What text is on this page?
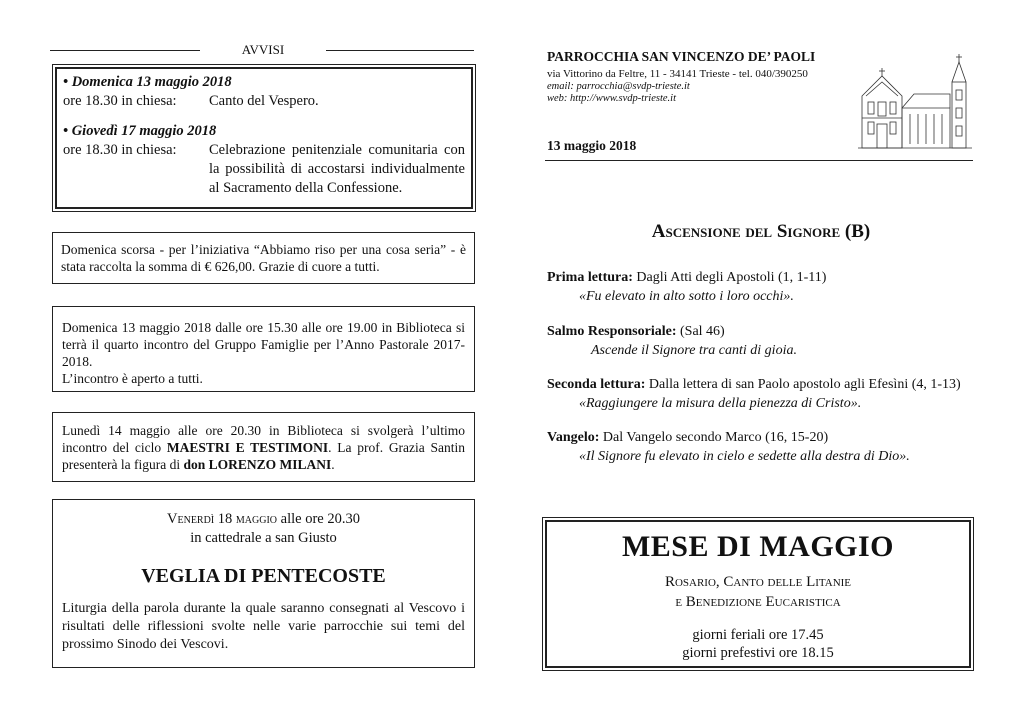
AVVISI

• Domenica 13 maggio 2018

ore 18.30 in chiesa:	Canto del Vespero.

• Giovedì 17 maggio 2018

ore 18.30 in chiesa:	Celebrazione penitenziale comunitaria con la possibilità di accostarsi individualmente al Sacramento della Confessione.

Domenica scorsa - per l’iniziativa “Abbiamo riso per una cosa seria” - è stata raccolta la somma di € 626,00. Grazie di cuore a tutti.

Domenica 13 maggio 2018 dalle ore 15.30 alle ore 19.00 in Biblioteca si terrà il quarto incontro del Gruppo Famiglie per l’Anno Pastorale 2017-2018.

L’incontro è aperto a tutti.

Lunedì 14 maggio alle ore 20.30 in Biblioteca si svolgerà l’ultimo incontro del ciclo MAESTRI E TESTIMONI. La prof. Grazia Santin presenterà la figura di don LORENZO MILANI.

Venerdì 18 maggio alle ore 20.30

in cattedrale a san Giusto

VEGLIA DI PENTECOSTE

Liturgia della parola durante la quale saranno consegnati al Vescovo i risultati delle riflessioni svolte nelle varie parrocchie sui temi del prossimo Sinodo dei Vescovi.

PARROCCHIA SAN VINCENZO DE’ PAOLI

via Vittorino da Feltre, 11 - 34141 Trieste - tel. 040/390250

email: parrocchia@svdp-trieste.it

web: http://www.svdp-trieste.it

13 maggio 2018

Ascensione del Signore (B)

Prima lettura: Dagli Atti degli Apostoli (1, 1-11)

«Fu elevato in alto sotto i loro occhi».

Salmo Responsoriale: (Sal 46)

Ascende il Signore tra canti di gioia.

Seconda lettura: Dalla lettera di san Paolo apostolo agli Efesìni (4, 1-13)

«Raggiungere la misura della pienezza di Cristo».

Vangelo: Dal Vangelo secondo Marco (16, 15-20)

«Il Signore fu elevato in cielo e sedette alla destra di Dio».

MESE DI MAGGIO

Rosario, Canto delle Litanie

e Benedizione Eucaristica

giorni feriali ore 17.45

giorni prefestivi ore 18.15
